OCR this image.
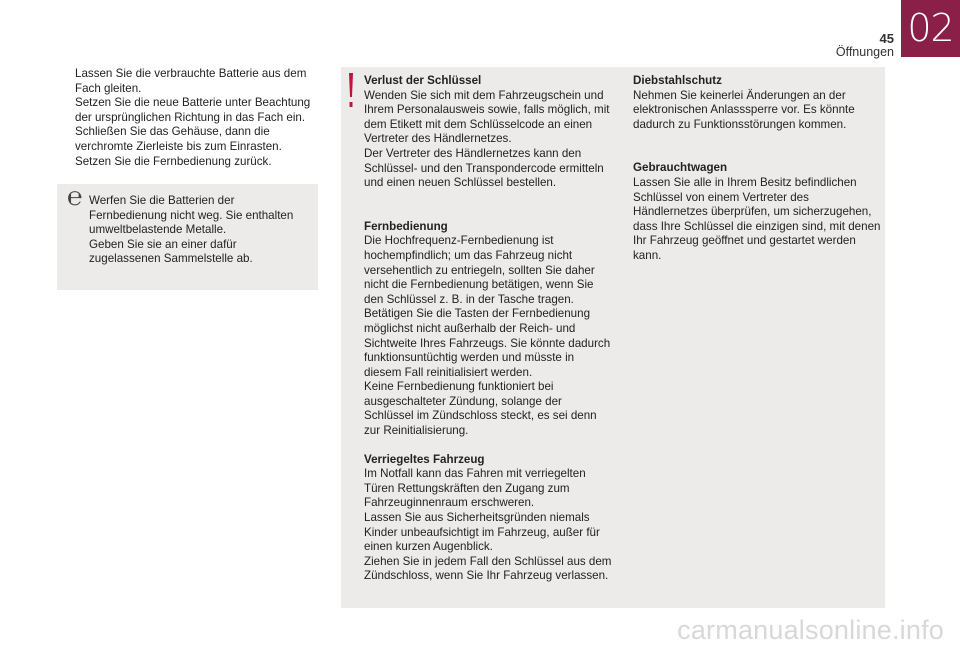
45
Öffnungen
02
Lassen Sie die verbrauchte Batterie aus dem Fach gleiten.
Setzen Sie die neue Batterie unter Beachtung der ursprünglichen Richtung in das Fach ein.
Schließen Sie das Gehäuse, dann die verchromte Zierleiste bis zum Einrasten.
Setzen Sie die Fernbedienung zurück.
℮ Werfen Sie die Batterien der Fernbedienung nicht weg. Sie enthalten umweltbelastende Metalle.
Geben Sie sie an einer dafür zugelassenen Sammelstelle ab.
Verlust der Schlüssel
Wenden Sie sich mit dem Fahrzeugschein und Ihrem Personalausweis sowie, falls möglich, mit dem Etikett mit dem Schlüsselcode an einen Vertreter des Händlernetzes.
Der Vertreter des Händlernetzes kann den Schlüssel- und den Transpondercode ermitteln und einen neuen Schlüssel bestellen.
Fernbedienung
Die Hochfrequenz-Fernbedienung ist hochempfindlich; um das Fahrzeug nicht versehentlich zu entriegeln, sollten Sie daher nicht die Fernbedienung betätigen, wenn Sie den Schlüssel z. B. in der Tasche tragen.
Betätigen Sie die Tasten der Fernbedienung möglichst nicht außerhalb der Reich- und Sichtweite Ihres Fahrzeugs. Sie könnte dadurch funktionsuntüchtig werden und müsste in diesem Fall reinitialisiert werden.
Keine Fernbedienung funktioniert bei ausgeschalteter Zündung, solange der Schlüssel im Zündschloss steckt, es sei denn zur Reinitialisierung.
Verriegeltes Fahrzeug
Im Notfall kann das Fahren mit verriegelten Türen Rettungskräften den Zugang zum Fahrzeuginnenraum erschweren.
Lassen Sie aus Sicherheitsgründen niemals Kinder unbeaufsichtigt im Fahrzeug, außer für einen kurzen Augenblick.
Ziehen Sie in jedem Fall den Schlüssel aus dem Zündschloss, wenn Sie Ihr Fahrzeug verlassen.
Diebstahlschutz
Nehmen Sie keinerlei Änderungen an der elektronischen Anlasssperre vor. Es könnte dadurch zu Funktionsstörungen kommen.
Gebrauchtwagen
Lassen Sie alle in Ihrem Besitz befindlichen Schlüssel von einem Vertreter des Händlernetzes überprüfen, um sicherzugehen, dass Ihre Schlüssel die einzigen sind, mit denen Ihr Fahrzeug geöffnet und gestartet werden kann.
carmanualsonline.info
